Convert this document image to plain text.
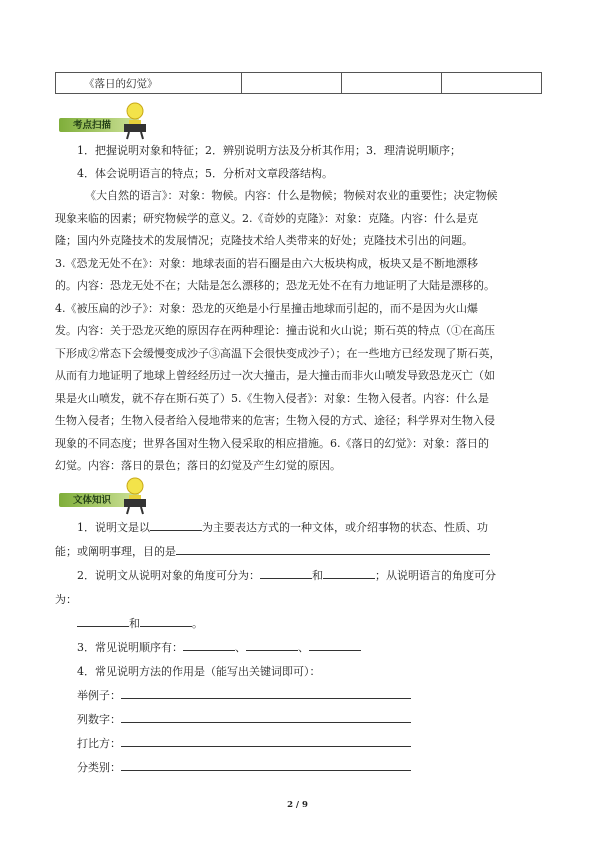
《落日的幻觉》			
考点扫描

1．把握说明对象和特征；2．辨别说明方法及分析其作用；3．理清说明顺序；

4．体会说明语言的特点；5．分析对文章段落结构。

《大自然的语言》：对象：物候。内容：什么是物候；物候对农业的重要性；决定物候

现象来临的因素；研究物候学的意义。2.《奇妙的克隆》：对象：克隆。内容：什么是克

隆；国内外克隆技术的发展情况；克隆技术给人类带来的好处；克隆技术引出的问题。

3.《恐龙无处不在》：对象：地球表面的岩石圈是由六大板块构成，板块又是不断地漂移

的。内容：恐龙无处不在；大陆是怎么漂移的；恐龙无处不在有力地证明了大陆是漂移的。

4.《被压扁的沙子》：对象：恐龙的灭绝是小行星撞击地球而引起的，而不是因为火山爆

发。内容：关于恐龙灭绝的原因存在两种理论：撞击说和火山说；斯石英的特点（①在高压

下形成②常态下会缓慢变成沙子③高温下会很快变成沙子）；在一些地方已经发现了斯石英，

从而有力地证明了地球上曾经经历过一次大撞击，是大撞击而非火山喷发导致恐龙灭亡（如

果是火山喷发，就不存在斯石英了）5.《生物入侵者》：对象：生物入侵者。内容：什么是

生物入侵者；生物入侵者给入侵地带来的危害；生物入侵的方式、途径；科学界对生物入侵

现象的不同态度；世界各国对生物入侵采取的相应措施。6.《落日的幻觉》：对象：落日的

幻觉。内容：落日的景色；落日的幻觉及产生幻觉的原因。

文体知识

1．说明文是以	为主要表达方式的一种文体，或介绍事物的状态、性质、功

能；或阐明事理，目的是

2．说明文从说明对象的角度可分为：	和	；从说明语言的角度可分

为：

和	。

3．常见说明顺序有：	、	、

4．常见说明方法的作用是（能写出关键词即可）：

举例子：

列数字：

打比方：

分类别：

2 / 9
